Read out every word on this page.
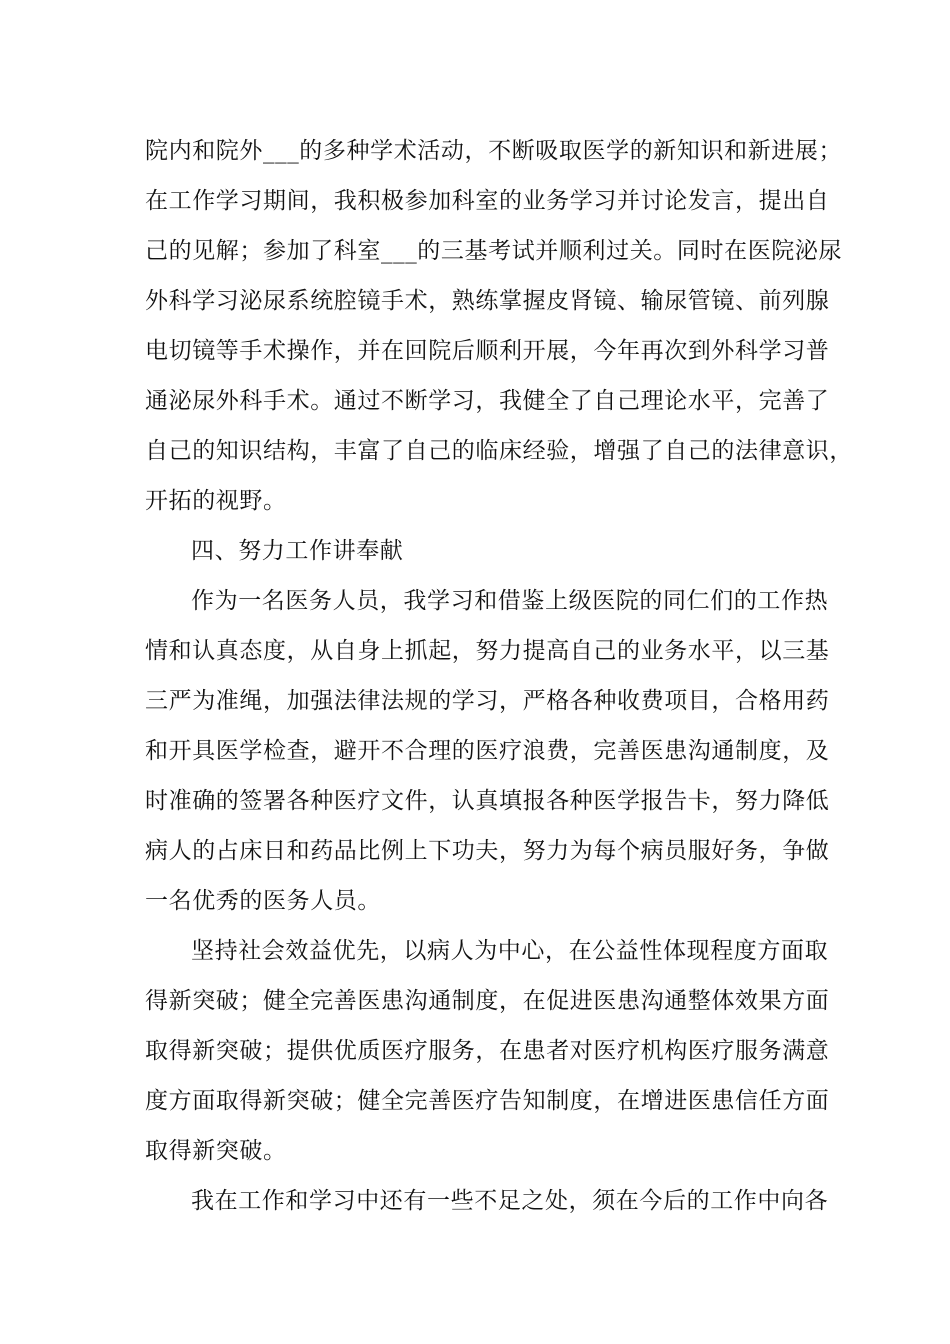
院内和院外___的多种学术活动，不断吸取医学的新知识和新进展；
在工作学习期间，我积极参加科室的业务学习并讨论发言，提出自
己的见解；参加了科室___的三基考试并顺利过关。同时在医院泌尿
外科学习泌尿系统腔镜手术，熟练掌握皮肾镜、输尿管镜、前列腺
电切镜等手术操作，并在回院后顺利开展，今年再次到外科学习普
通泌尿外科手术。通过不断学习，我健全了自己理论水平，完善了
自己的知识结构，丰富了自己的临床经验，增强了自己的法律意识，
开拓的视野。
四、努力工作讲奉献
作为一名医务人员，我学习和借鉴上级医院的同仁们的工作热
情和认真态度，从自身上抓起，努力提高自己的业务水平，以三基
三严为准绳，加强法律法规的学习，严格各种收费项目，合格用药
和开具医学检查，避开不合理的医疗浪费，完善医患沟通制度，及
时准确的签署各种医疗文件，认真填报各种医学报告卡，努力降低
病人的占床日和药品比例上下功夫，努力为每个病员服好务，争做
一名优秀的医务人员。
坚持社会效益优先，以病人为中心，在公益性体现程度方面取
得新突破；健全完善医患沟通制度，在促进医患沟通整体效果方面
取得新突破；提供优质医疗服务，在患者对医疗机构医疗服务满意
度方面取得新突破；健全完善医疗告知制度，在增进医患信任方面
取得新突破。
我在工作和学习中还有一些不足之处，须在今后的工作中向各
